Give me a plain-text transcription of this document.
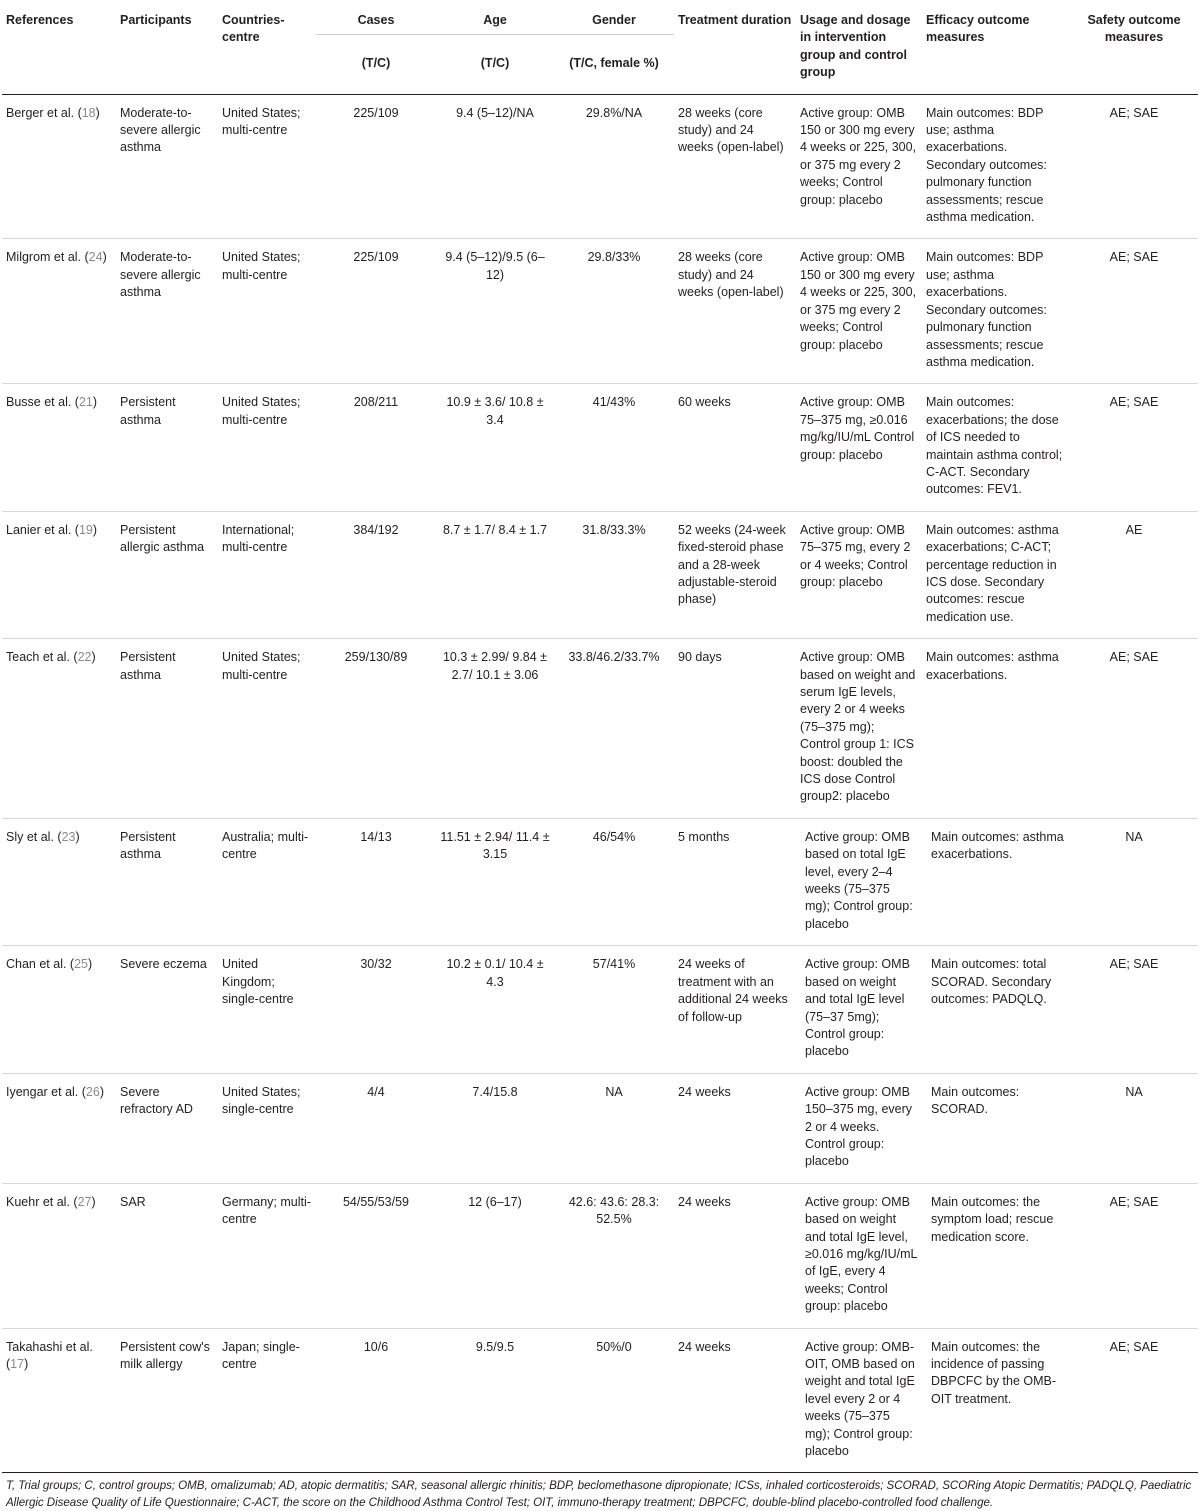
References	Participants	Countries-centre	Cases	Age	Gender	Treatment duration	Usage and dosage in intervention group and control group	Efficacy outcome measures	Safety outcome measures
			(T/C)	(T/C)	(T/C, female %)				
Berger et al. (18)	Moderate-to-severe allergic asthma	United States; multi-centre	225/109	9.4 (5–12)/NA	29.8%/NA	28 weeks (core study) and 24 weeks (open-label)	Active group: OMB 150 or 300 mg every 4 weeks or 225, 300, or 375 mg every 2 weeks; Control group: placebo	Main outcomes: BDP use; asthma exacerbations. Secondary outcomes: pulmonary function assessments; rescue asthma medication.	AE; SAE
Milgrom et al. (24)	Moderate-to-severe allergic asthma	United States; multi-centre	225/109	9.4 (5–12)/9.5 (6–12)	29.8/33%	28 weeks (core study) and 24 weeks (open-label)	Active group: OMB 150 or 300 mg every 4 weeks or 225, 300, or 375 mg every 2 weeks; Control group: placebo	Main outcomes: BDP use; asthma exacerbations. Secondary outcomes: pulmonary function assessments; rescue asthma medication.	AE; SAE
Busse et al. (21)	Persistent asthma	United States; multi-centre	208/211	10.9 ± 3.6/ 10.8 ± 3.4	41/43%	60 weeks	Active group: OMB 75–375 mg, ≥0.016 mg/kg/IU/mL Control group: placebo	Main outcomes: exacerbations; the dose of ICS needed to maintain asthma control; C-ACT. Secondary outcomes: FEV1.	AE; SAE
Lanier et al. (19)	Persistent allergic asthma	International; multi-centre	384/192	8.7 ± 1.7/ 8.4 ± 1.7	31.8/33.3%	52 weeks (24-week fixed-steroid phase and a 28-week adjustable-steroid phase)	Active group: OMB 75–375 mg, every 2 or 4 weeks; Control group: placebo	Main outcomes: asthma exacerbations; C-ACT; percentage reduction in ICS dose. Secondary outcomes: rescue medication use.	AE
Teach et al. (22)	Persistent asthma	United States; multi-centre	259/130/89	10.3 ± 2.99/ 9.84 ± 2.7/ 10.1 ± 3.06	33.8/46.2/33.7%	90 days	Active group: OMB based on weight and serum IgE levels, every 2 or 4 weeks (75–375 mg); Control group 1: ICS boost: doubled the ICS dose Control group2: placebo	Main outcomes: asthma exacerbations.	AE; SAE
Sly et al. (23)	Persistent asthma	Australia; multi-centre	14/13	11.51 ± 2.94/ 11.4 ± 3.15	46/54%	5 months	Active group: OMB based on total IgE level, every 2–4 weeks (75–375 mg); Control group: placebo	Main outcomes: asthma exacerbations.	NA
Chan et al. (25)	Severe eczema	United Kingdom; single-centre	30/32	10.2 ± 0.1/ 10.4 ± 4.3	57/41%	24 weeks of treatment with an additional 24 weeks of follow-up	Active group: OMB based on weight and total IgE level (75–37 5mg); Control group: placebo	Main outcomes: total SCORAD. Secondary outcomes: PADQLQ.	AE; SAE
Iyengar et al. (26)	Severe refractory AD	United States; single-centre	4/4	7.4/15.8	NA	24 weeks	Active group: OMB 150–375 mg, every 2 or 4 weeks. Control group: placebo	Main outcomes: SCORAD.	NA
Kuehr et al. (27)	SAR	Germany; multi-centre	54/55/53/59	12 (6–17)	42.6: 43.6: 28.3: 52.5%	24 weeks	Active group: OMB based on weight and total IgE level, ≥0.016 mg/kg/IU/mL of IgE, every 4 weeks; Control group: placebo	Main outcomes: the symptom load; rescue medication score.	AE; SAE
Takahashi et al. (17)	Persistent cow's milk allergy	Japan; single-centre	10/6	9.5/9.5	50%/0	24 weeks	Active group: OMB-OIT, OMB based on weight and total IgE level every 2 or 4 weeks (75–375 mg); Control group: placebo	Main outcomes: the incidence of passing DBPCFC by the OMB-OIT treatment.	AE; SAE
T, Trial groups; C, control groups; OMB, omalizumab; AD, atopic dermatitis; SAR, seasonal allergic rhinitis; BDP, beclomethasone dipropionate; ICSs, inhaled corticosteroids; SCORAD, SCORing Atopic Dermatitis; PADQLQ, Paediatric Allergic Disease Quality of Life Questionnaire; C-ACT, the score on the Childhood Asthma Control Test; OIT, immuno-therapy treatment; DBPCFC, double-blind placebo-controlled food challenge.
